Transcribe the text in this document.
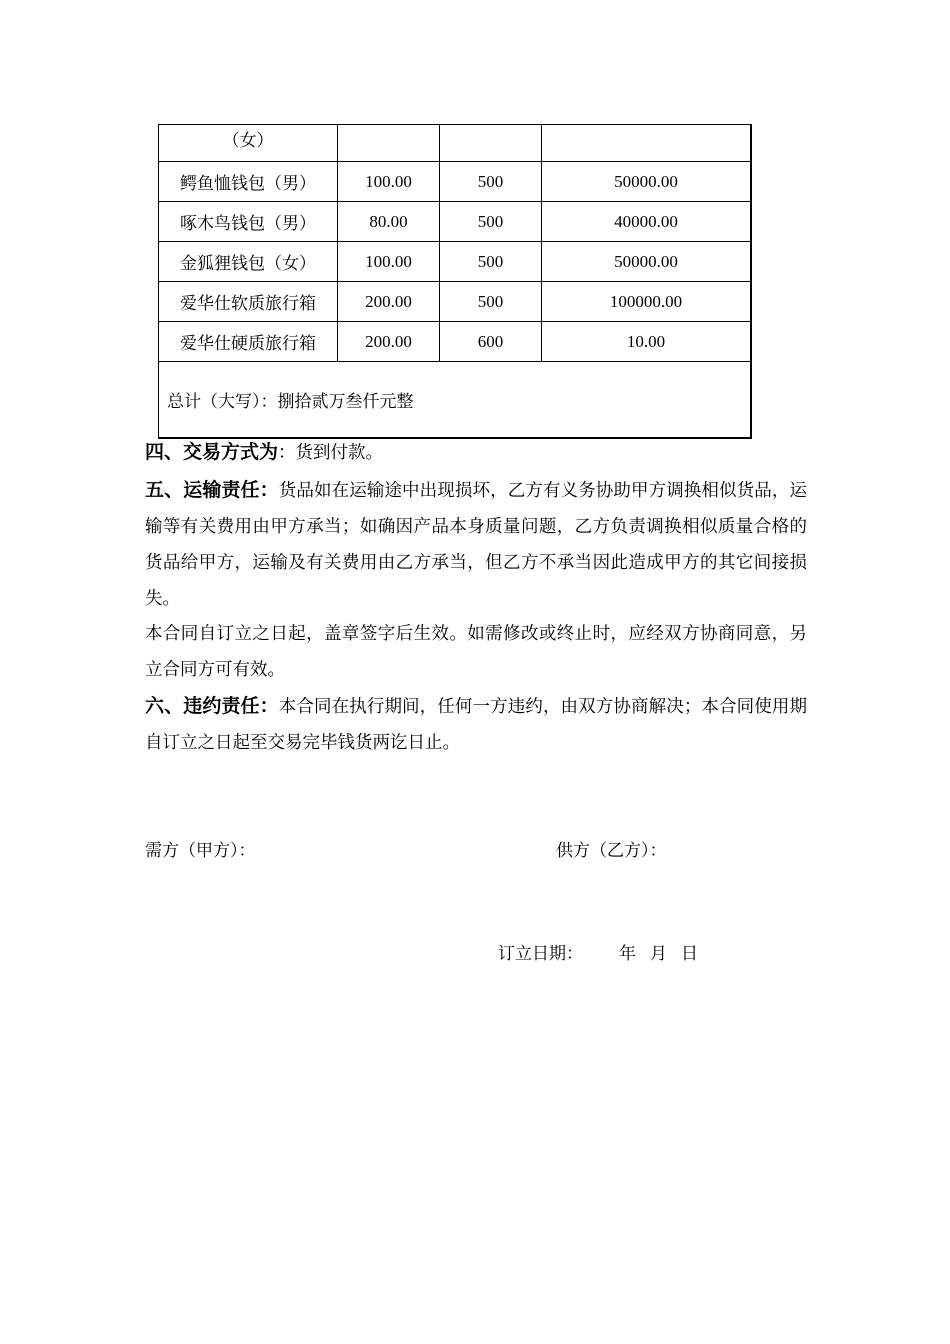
（女）			
鳄鱼恤钱包（男）	100.00	500	50000.00
啄木鸟钱包（男）	80.00	500	40000.00
金狐狸钱包（女）	100.00	500	50000.00
爱华仕软质旅行箱	200.00	500	100000.00
爱华仕硬质旅行箱	200.00	600	10.00
总计（大写）：捌拾贰万叁仟元整			
四、交易方式为：货到付款。
五、运输责任：货品如在运输途中出现损坏，乙方有义务协助甲方调换相似货品，运输等有关费用由甲方承当；如确因产品本身质量问题，乙方负责调换相似质量合格的货品给甲方，运输及有关费用由乙方承当，但乙方不承当因此造成甲方的其它间接损失。
本合同自订立之日起，盖章签字后生效。如需修改或终止时，应经双方协商同意，另立合同方可有效。
六、违约责任：本合同在执行期间，任何一方违约，由双方协商解决；本合同使用期自订立之日起至交易完毕钱货两讫日止。
需方（甲方）：	供方（乙方）：
订立日期： 年 月 日
